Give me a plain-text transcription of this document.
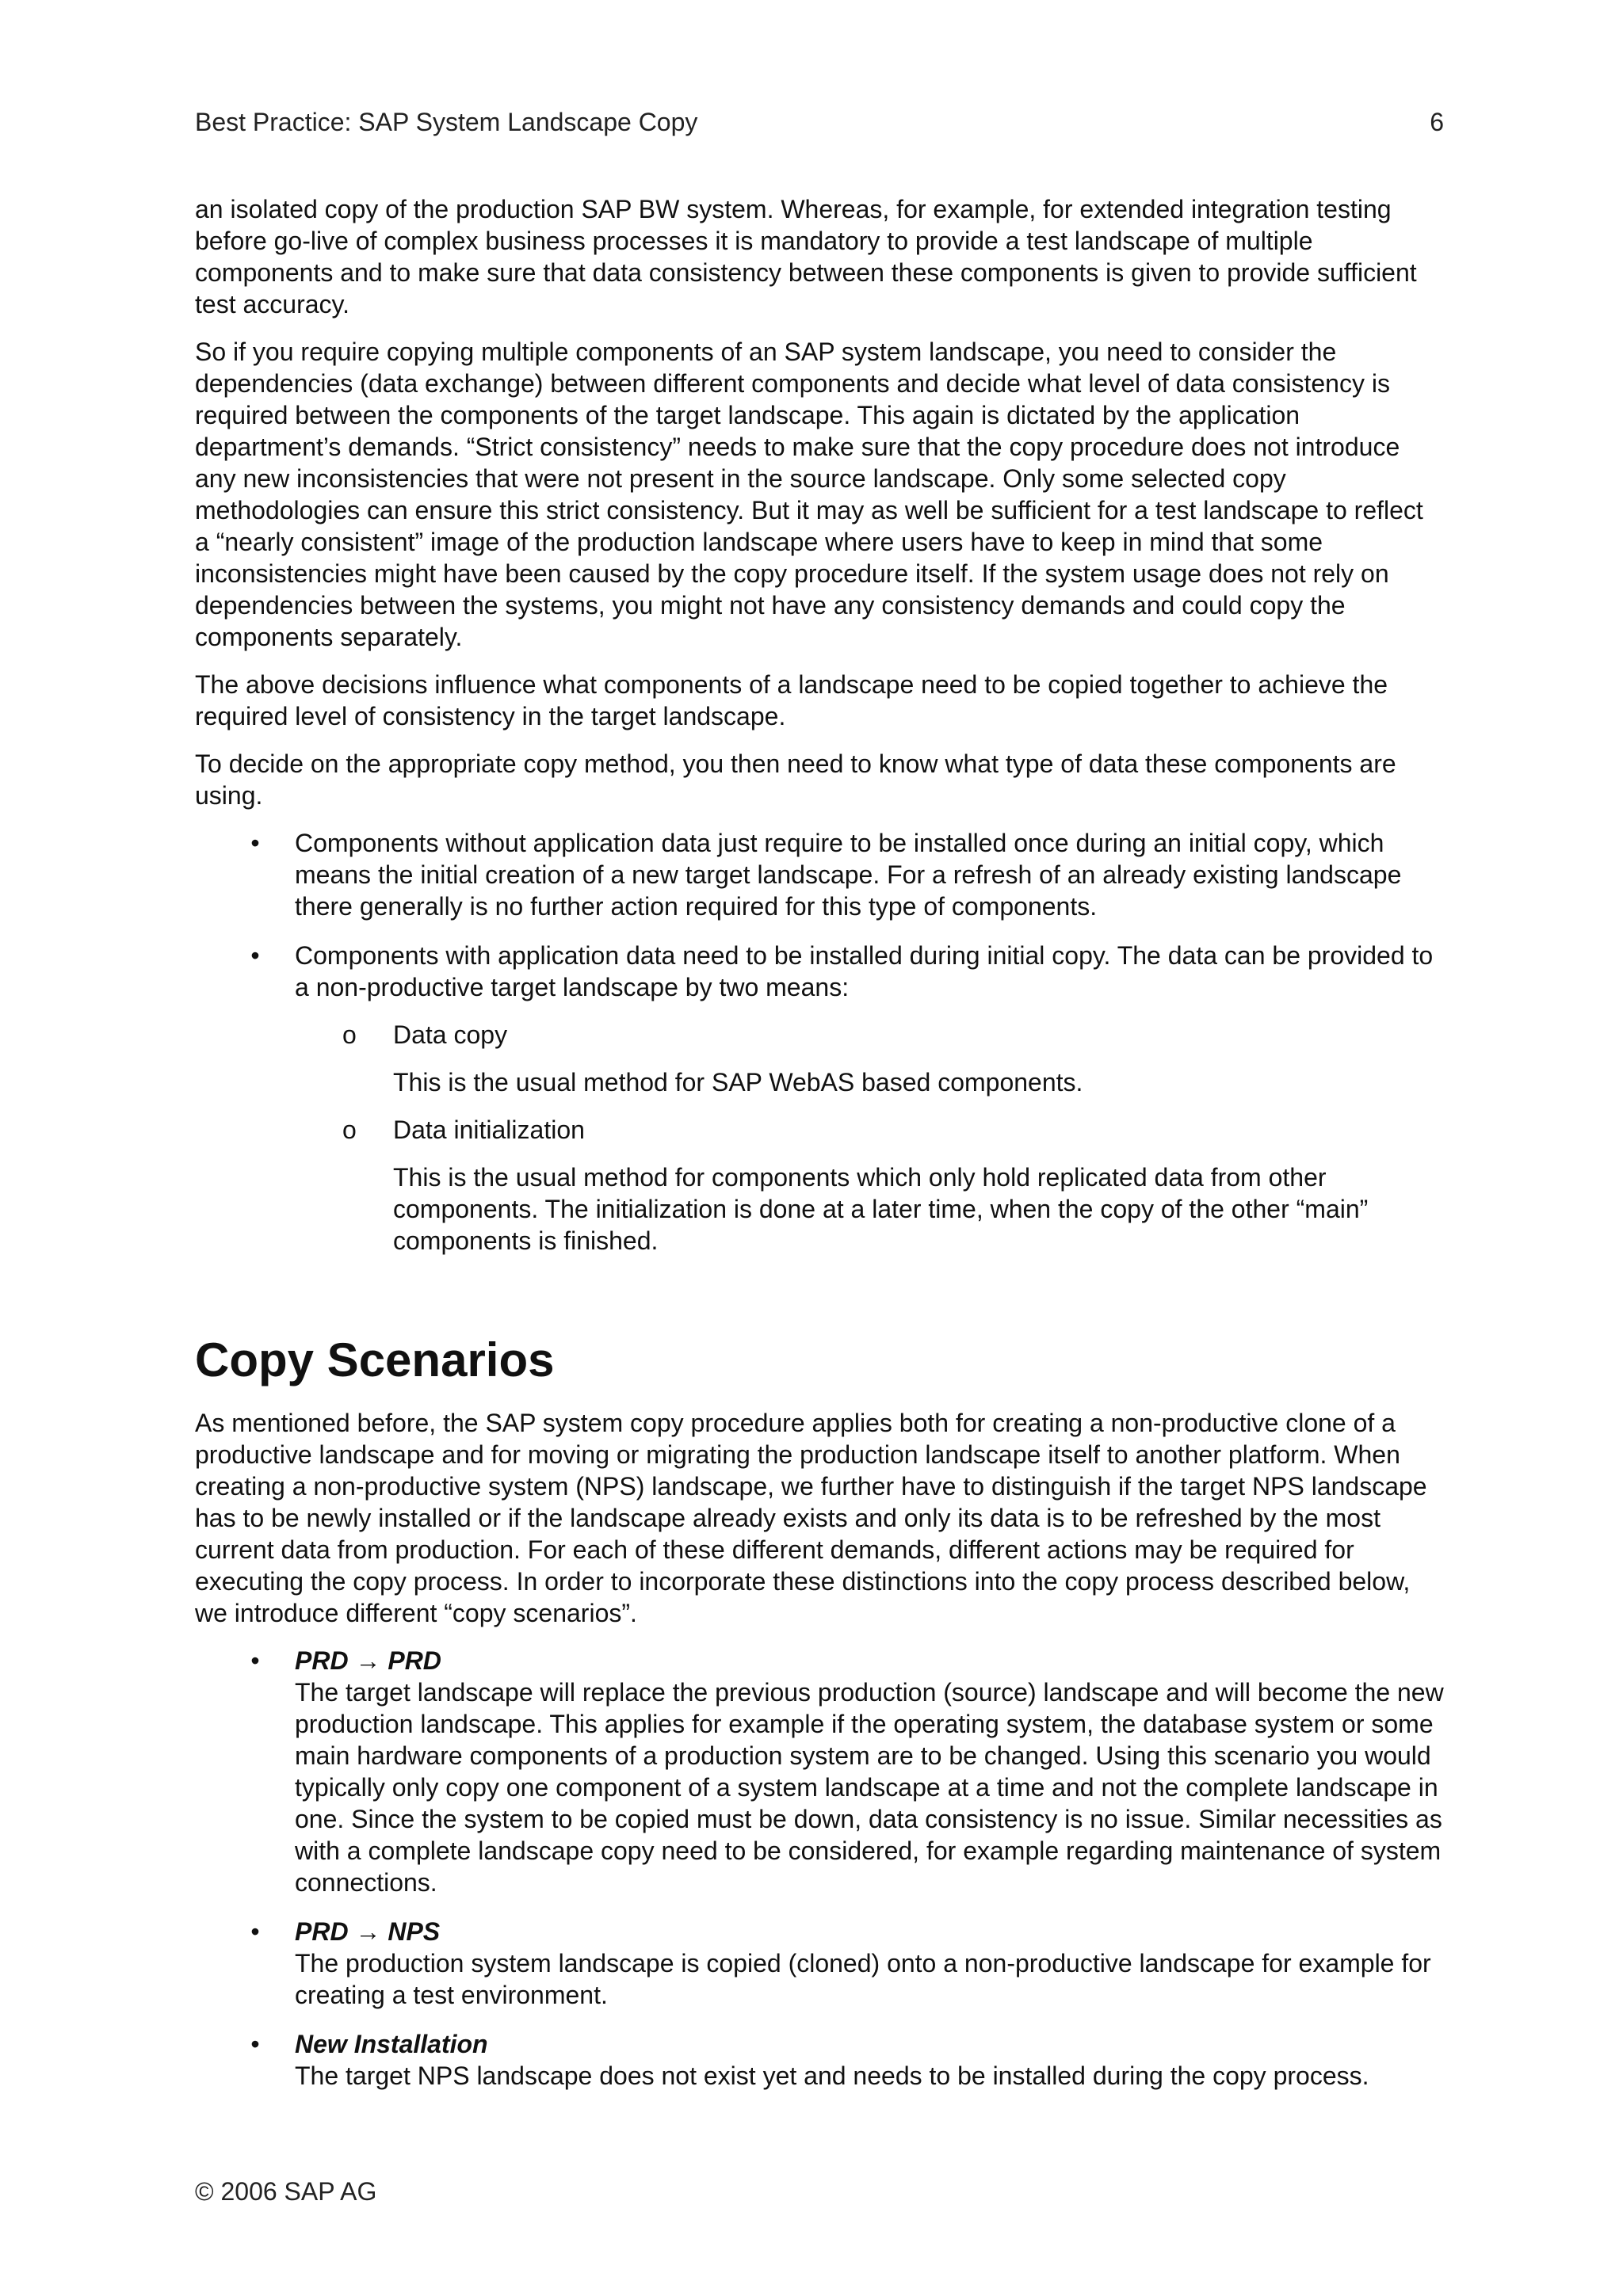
Best Practice: SAP System Landscape Copy	6

an isolated copy of the production SAP BW system. Whereas, for example, for extended integration testing before go-live of complex business processes it is mandatory to provide a test landscape of multiple components and to make sure that data consistency between these components is given to provide sufficient test accuracy.

So if you require copying multiple components of an SAP system landscape, you need to consider the dependencies (data exchange) between different components and decide what level of data consistency is required between the components of the target landscape. This again is dictated by the application department’s demands. “Strict consistency” needs to make sure that the copy procedure does not introduce any new inconsistencies that were not present in the source landscape. Only some selected copy methodologies can ensure this strict consistency. But it may as well be sufficient for a test landscape to reflect a “nearly consistent” image of the production landscape where users have to keep in mind that some inconsistencies might have been caused by the copy procedure itself. If the system usage does not rely on dependencies between the systems, you might not have any consistency demands and could copy the components separately.

The above decisions influence what components of a landscape need to be copied together to achieve the required level of consistency in the target landscape.

To decide on the appropriate copy method, you then need to know what type of data these components are using.

• Components without application data just require to be installed once during an initial copy, which means the initial creation of a new target landscape. For a refresh of an already existing landscape there generally is no further action required for this type of components.
• Components with application data need to be installed during initial copy. The data can be provided to a non-productive target landscape by two means:
o Data copy
This is the usual method for SAP WebAS based components.
o Data initialization
This is the usual method for components which only hold replicated data from other components. The initialization is done at a later time, when the copy of the other “main” components is finished.
Copy Scenarios

As mentioned before, the SAP system copy procedure applies both for creating a non-productive clone of a productive landscape and for moving or migrating the production landscape itself to another platform. When creating a non-productive system (NPS) landscape, we further have to distinguish if the target NPS landscape has to be newly installed or if the landscape already exists and only its data is to be refreshed by the most current data from production. For each of these different demands, different actions may be required for executing the copy process. In order to incorporate these distinctions into the copy process described below, we introduce different “copy scenarios”.

• PRD → PRD
The target landscape will replace the previous production (source) landscape and will become the new production landscape. This applies for example if the operating system, the database system or some main hardware components of a production system are to be changed. Using this scenario you would typically only copy one component of a system landscape at a time and not the complete landscape in one. Since the system to be copied must be down, data consistency is no issue. Similar necessities as with a complete landscape copy need to be considered, for example regarding maintenance of system connections.
• PRD → NPS
The production system landscape is copied (cloned) onto a non-productive landscape for example for creating a test environment.
• New Installation
The target NPS landscape does not exist yet and needs to be installed during the copy process.
© 2006 SAP AG
